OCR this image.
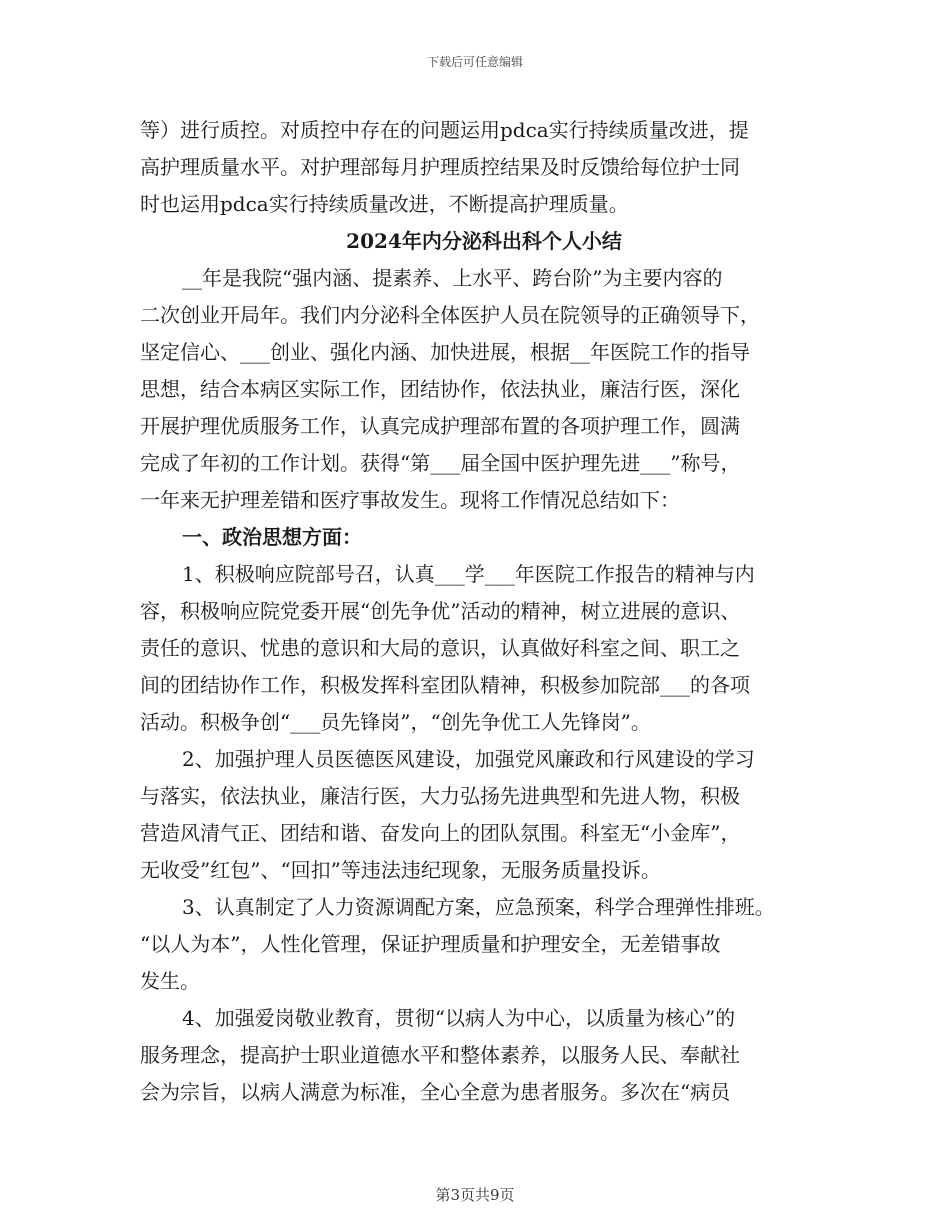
下载后可任意编辑
等）进行质控。对质控中存在的问题运用pdca实行持续质量改进，提
高护理质量水平。对护理部每月护理质控结果及时反馈给每位护士同
时也运用pdca实行持续质量改进，不断提高护理质量。
2024年内分泌科出科个人小结
__年是我院“强内涵、提素养、上水平、跨台阶”为主要内容的
二次创业开局年。我们内分泌科全体医护人员在院领导的正确领导下，
坚定信心、___创业、强化内涵、加快进展，根据__年医院工作的指导
思想，结合本病区实际工作，团结协作，依法执业，廉洁行医，深化
开展护理优质服务工作，认真完成护理部布置的各项护理工作，圆满
完成了年初的工作计划。获得“第___届全国中医护理先进___”称号，
一年来无护理差错和医疗事故发生。现将工作情况总结如下：
一、政治思想方面：
1、积极响应院部号召，认真___学___年医院工作报告的精神与内
容，积极响应院党委开展“创先争优”活动的精神，树立进展的意识、
责任的意识、忧患的意识和大局的意识，认真做好科室之间、职工之
间的团结协作工作，积极发挥科室团队精神，积极参加院部___的各项
活动。积极争创“___员先锋岗”，“创先争优工人先锋岗”。
2、加强护理人员医德医风建设，加强党风廉政和行风建设的学习
与落实，依法执业，廉洁行医，大力弘扬先进典型和先进人物，积极
营造风清气正、团结和谐、奋发向上的团队氛围。科室无“小金库”，
无收受”红包”、“回扣”等违法违纪现象，无服务质量投诉。
3、认真制定了人力资源调配方案，应急预案，科学合理弹性排班。
“以人为本”，人性化管理，保证护理质量和护理安全，无差错事故
发生。
4、加强爱岗敬业教育，贯彻“以病人为中心，以质量为核心”的
服务理念，提高护士职业道德水平和整体素养，以服务人民、奉献社
会为宗旨，以病人满意为标准，全心全意为患者服务。多次在“病员
第3页共9页
